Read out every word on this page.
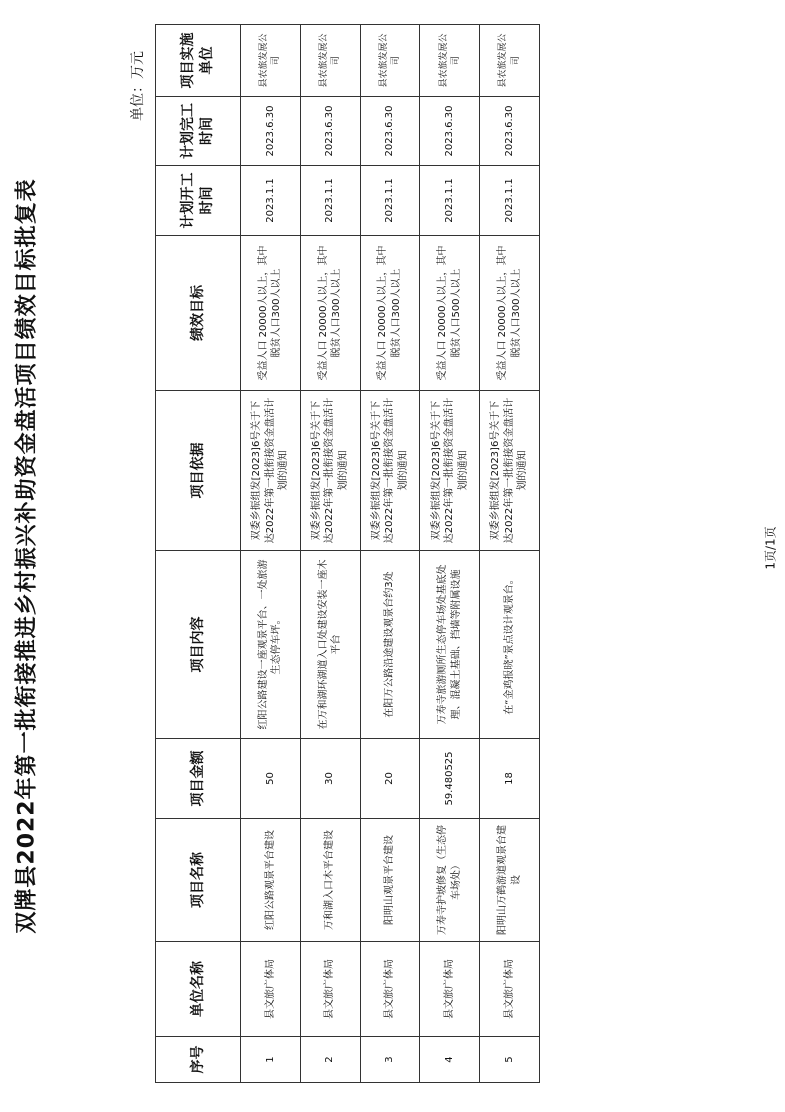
双牌县2022年第一批衔接推进乡村振兴补助资金盘活项目绩效目标批复表
单位：万元
1页/1页
序号	单位名称	项目名称	项目金额	项目内容	项目依据	绩效目标	计划开工时间	计划完工时间	项目实施单位
1	县文旅广体局	红阳公路观景平台建设	50	红阳公路建设一座观景平台、一处旅游生态停车坪。	双委乡振组发[2023]6号关于下达2022年第一批衔接资金盘活计划的通知	受益人口 20000人以上，其中脱贫人口300人以上	2023.1.1	2023.6.30	县农旅发展公司
2	县文旅广体局	万和湖入口木平台建设	30	在万和湖环湖道入口处建设安装一座木平台	双委乡振组发[2023]6号关于下达2022年第一批衔接资金盘活计划的通知	受益人口 20000人以上，其中脱贫人口300人以上	2023.1.1	2023.6.30	县农旅发展公司
3	县文旅广体局	阳明山观景平台建设	20	在阳万公路沿途建设观景台约3处	双委乡振组发[2023]6号关于下达2022年第一批衔接资金盘活计划的通知	受益人口 20000人以上，其中脱贫人口300人以上	2023.1.1	2023.6.30	县农旅发展公司
4	县文旅广体局	万寿寺护坡修复（生态停车场处）	59.480525	万寿寺旅游厕所生态停车场处基底处理、混凝土基础、挡墙等附属设施	双委乡振组发[2023]6号关于下达2022年第一批衔接资金盘活计划的通知	受益人口 20000人以上，其中脱贫人口500人以上	2023.1.1	2023.6.30	县农旅发展公司
5	县文旅广体局	阳明山万鹤游道观景台建设	18	在“金鸡报晓”景点设计观景台。	双委乡振组发[2023]6号关于下达2022年第一批衔接资金盘活计划的通知	受益人口 20000人以上，其中脱贫人口300人以上	2023.1.1	2023.6.30	县农旅发展公司
